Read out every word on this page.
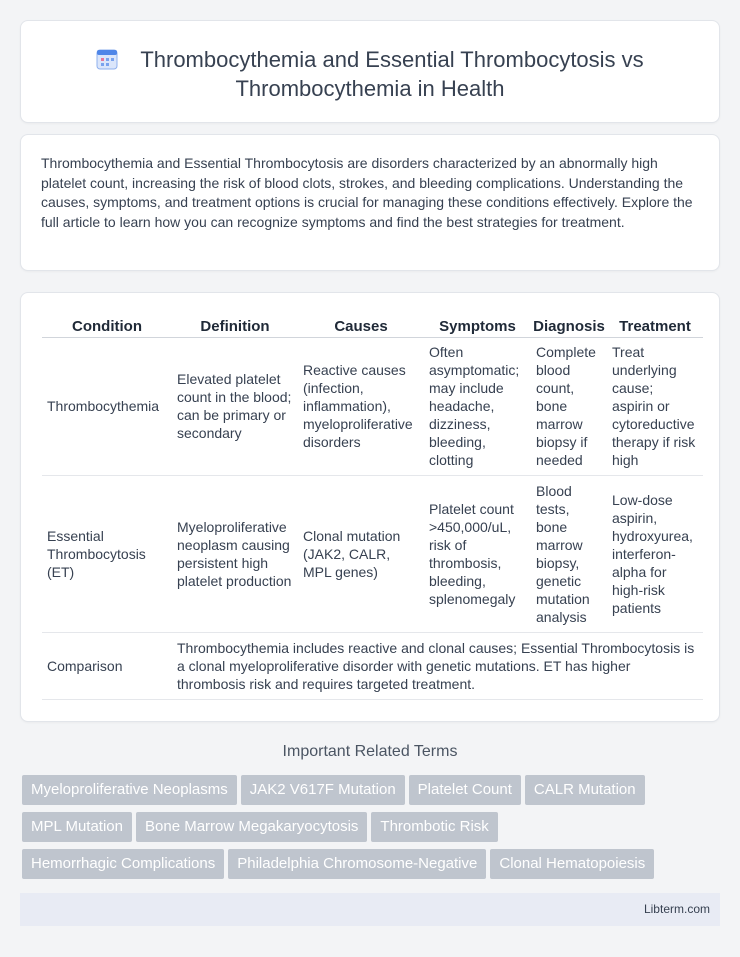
Thrombocythemia and Essential Thrombocytosis vs Thrombocythemia in Health

Thrombocythemia and Essential Thrombocytosis are disorders characterized by an abnormally high platelet count, increasing the risk of blood clots, strokes, and bleeding complications. Understanding the causes, symptoms, and treatment options is crucial for managing these conditions effectively. Explore the full article to learn how you can recognize symptoms and find the best strategies for treatment.

Condition	Definition	Causes	Symptoms	Diagnosis	Treatment
Thrombocythemia	Elevated platelet count in the blood; can be primary or secondary	Reactive causes (infection, inflammation), myeloproliferative disorders	Often asymptomatic; may include headache, dizziness, bleeding, clotting	Complete blood count, bone marrow biopsy if needed	Treat underlying cause; aspirin or cytoreductive therapy if risk high
Essential Thrombocytosis (ET)	Myeloproliferative neoplasm causing persistent high platelet production	Clonal mutation (JAK2, CALR, MPL genes)	Platelet count >450,000/uL, risk of thrombosis, bleeding, splenomegaly	Blood tests, bone marrow biopsy, genetic mutation analysis	Low-dose aspirin, hydroxyurea, interferon-alpha for high-risk patients
Comparison	Thrombocythemia includes reactive and clonal causes; Essential Thrombocytosis is a clonal myeloproliferative disorder with genetic mutations. ET has higher thrombosis risk and requires targeted treatment.				
Important Related Terms
Myeloproliferative Neoplasms JAK2 V617F Mutation Platelet Count CALR Mutation
MPL Mutation Bone Marrow Megakaryocytosis Thrombotic Risk
Hemorrhagic Complications Philadelphia Chromosome-Negative Clonal Hematopoiesis
Libterm.com
